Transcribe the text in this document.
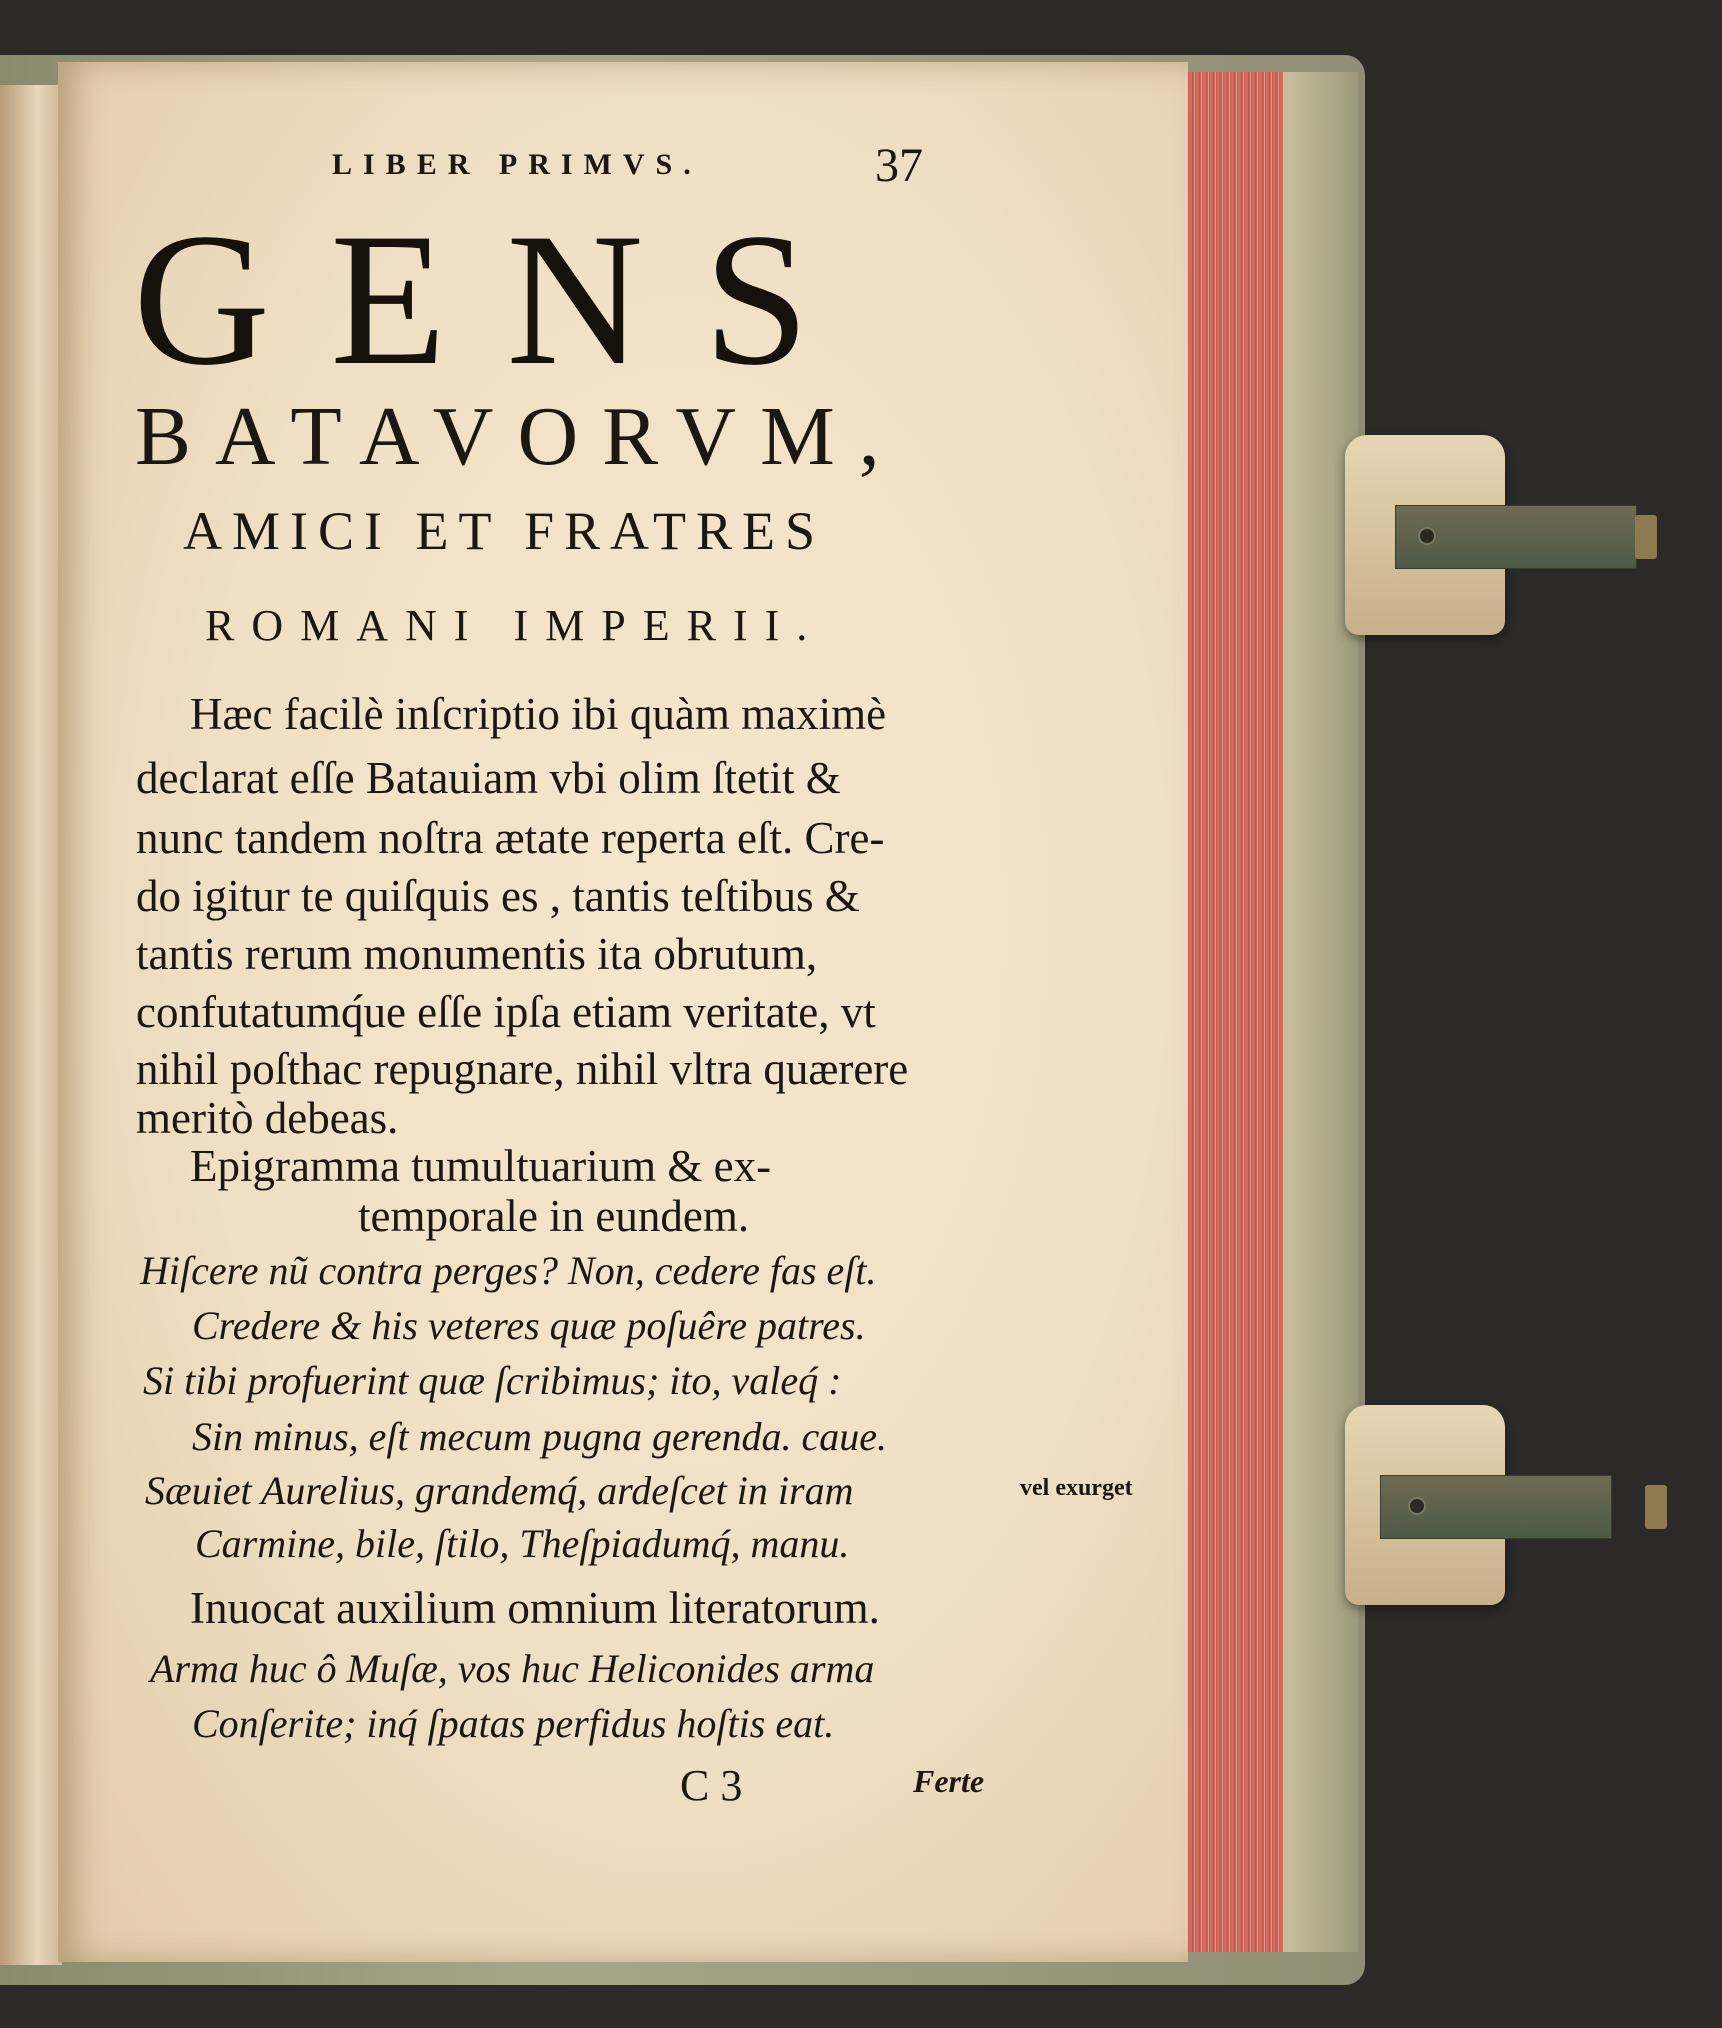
LIBER PRIMVS.	37
GENS
BATAVORVM,
AMICI ET FRATRES
ROMANI IMPERII.
Hæc facilè inſcriptio ibi quàm maximè
declarat eſſe Batauiam vbi olim ſtetit &
nunc tandem noſtra ætate reperta eſt. Cre-
do igitur te quiſquis es , tantis teſtibus &
tantis rerum monumentis ita obrutum,
confutatumq́ue eſſe ipſa etiam veritate, vt
nihil poſthac repugnare, nihil vltra quærere
meritò debeas.
Epigramma tumultuarium & ex-
temporale in eundem.
Hiſcere nũ contra perges? Non, cedere fas eſt.
Credere & his veteres quæ poſuêre patres.
Si tibi profuerint quæ ſcribimus; ito, valeq́ :
Sin minus, eſt mecum pugna gerenda. caue.
Sæuiet Aurelius, grandemq́, ardeſcet in iram
Carmine, bile, ſtilo, Theſpiadumq́, manu.
vel exurget
Inuocat auxilium omnium literatorum.
Arma huc ô Muſæ, vos huc Heliconides arma
Conſerite; inq́ ſpatas perfidus hoſtis eat.
C 3	Ferte
